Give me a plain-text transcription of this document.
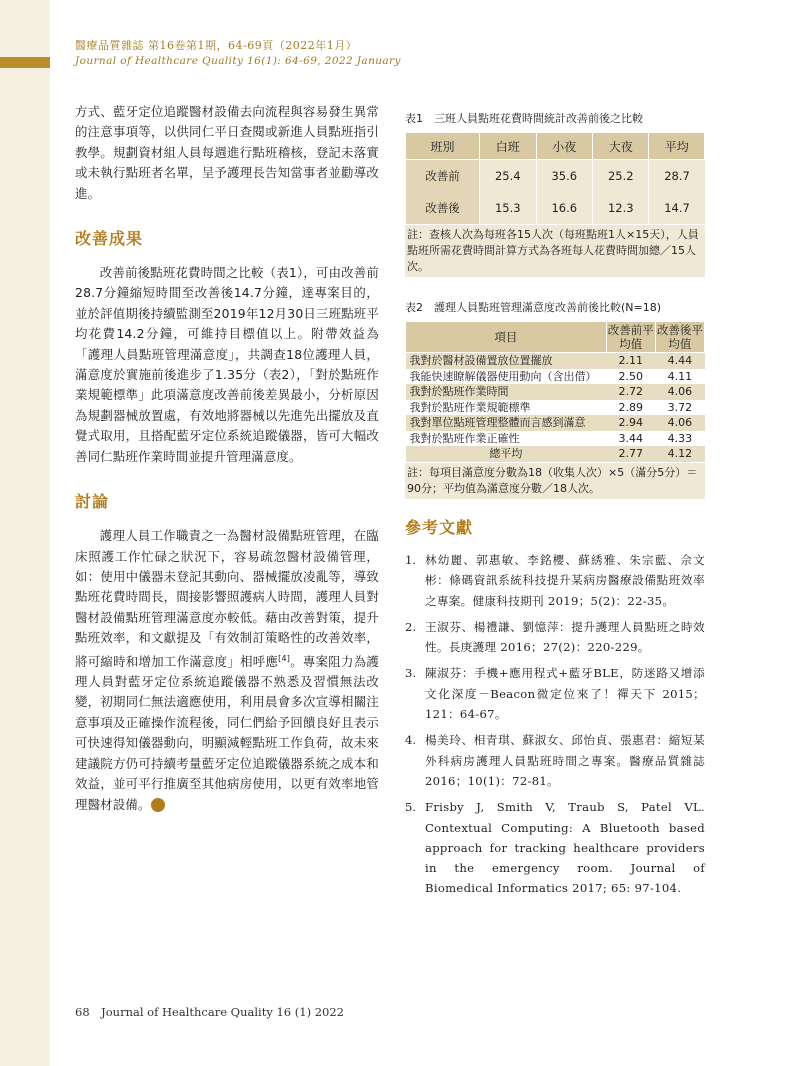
醫療品質雜誌 第16卷第1期，64-69頁（2022年1月）
Journal of Healthcare Quality 16(1): 64-69, 2022 January

方式、藍牙定位追蹤醫材設備去向流程與容易發生異常的注意事項等，以供同仁平日查閱或新進人員點班指引教學。規劃資材組人員每週進行點班稽核，登記未落實或未執行點班者名單，呈予護理長告知當事者並勸導改進。

改善成果

改善前後點班花費時間之比較（表1），可由改善前28.7分鐘縮短時間至改善後14.7分鐘，達專案目的，並於評值期後持續監測至2019年12月30日三班點班平均花費14.2分鐘，可維持目標值以上。附帶效益為「護理人員點班管理滿意度」，共調查18位護理人員，滿意度於實施前後進步了1.35分（表2），「對於點班作業規範標準」此項滿意度改善前後差異最小，分析原因為規劃器械放置處，有效地將器械以先進先出擺放及直覺式取用，且搭配藍牙定位系統追蹤儀器，皆可大幅改善同仁點班作業時間並提升管理滿意度。

討論

護理人員工作職責之一為醫材設備點班管理，在臨床照護工作忙碌之狀況下，容易疏忽醫材設備管理，如：使用中儀器未登記其動向、器械擺放凌亂等，導致點班花費時間長，間接影響照護病人時間，護理人員對醫材設備點班管理滿意度亦較低。藉由改善對策，提升點班效率，和文獻提及「有效制訂策略性的改善效率，將可縮時和增加工作滿意度」相呼應[4]。專案阻力為護理人員對藍牙定位系統追蹤儀器不熟悉及習慣無法改變，初期同仁無法適應使用，利用晨會多次宣導相關注意事項及正確操作流程後，同仁們給予回饋良好且表示可快速得知儀器動向，明顯減輕點班工作負荷，故未來建議院方仍可持續考量藍牙定位追蹤儀器系統之成本和效益，並可平行推廣至其他病房使用，以更有效率地管理醫材設備。	完

表1　三班人員點班花費時間統計改善前後之比較

班別	白班	小夜	大夜	平均
改善前	25.4	35.6	25.2	28.7
改善後	15.3	16.6	12.3	14.7
註：查核人次為每班各15人次（每班點班1人×15天），人員點班所需花費時間計算方式為各班每人花費時間加總／15人次。

表2　護理人員點班管理滿意度改善前後比較(N=18)

項目	改善前平均值	改善後平均值
我對於醫材設備置放位置擺放	2.11	4.44
我能快速瞭解儀器使用動向（含出借）	2.50	4.11
我對於點班作業時間	2.72	4.06
我對於點班作業規範標準	2.89	3.72
我對單位點班管理整體而言感到滿意	2.94	4.06
我對於點班作業正確性	3.44	4.33
總平均	2.77	4.12
註：每項目滿意度分數為18（收集人次）×5（滿分5分）＝90分；平均值為滿意度分數／18人次。
參考文獻
1. 林幼麗、郭惠敏、李銘櫻、蘇綉雅、朱宗藍、佘文彬：條碼資訊系統科技提升某病房醫療設備點班效率之專案。健康科技期刊 2019；5(2)：22-35。
2. 王淑芬、楊禮謙、劉憶萍：提升護理人員點班之時效性。長庚護理 2016；27(2)：220-229。
3. 陳淑芬：手機+應用程式+藍牙BLE，防迷路又增添文化深度－Beacon微定位來了！禪天下 2015；121：64-67。
4. 楊美玲、相青琪、蘇淑女、邱怡貞、張惠君：縮短某外科病房護理人員點班時間之專案。醫療品質雜誌 2016；10(1)：72-81。
5. Frisby J, Smith V, Traub S, Patel VL. Contextual Computing: A Bluetooth based approach for tracking healthcare providers in the emergency room. Journal of Biomedical Informatics 2017; 65: 97-104.
68　Journal of Healthcare Quality 16 (1) 2022
